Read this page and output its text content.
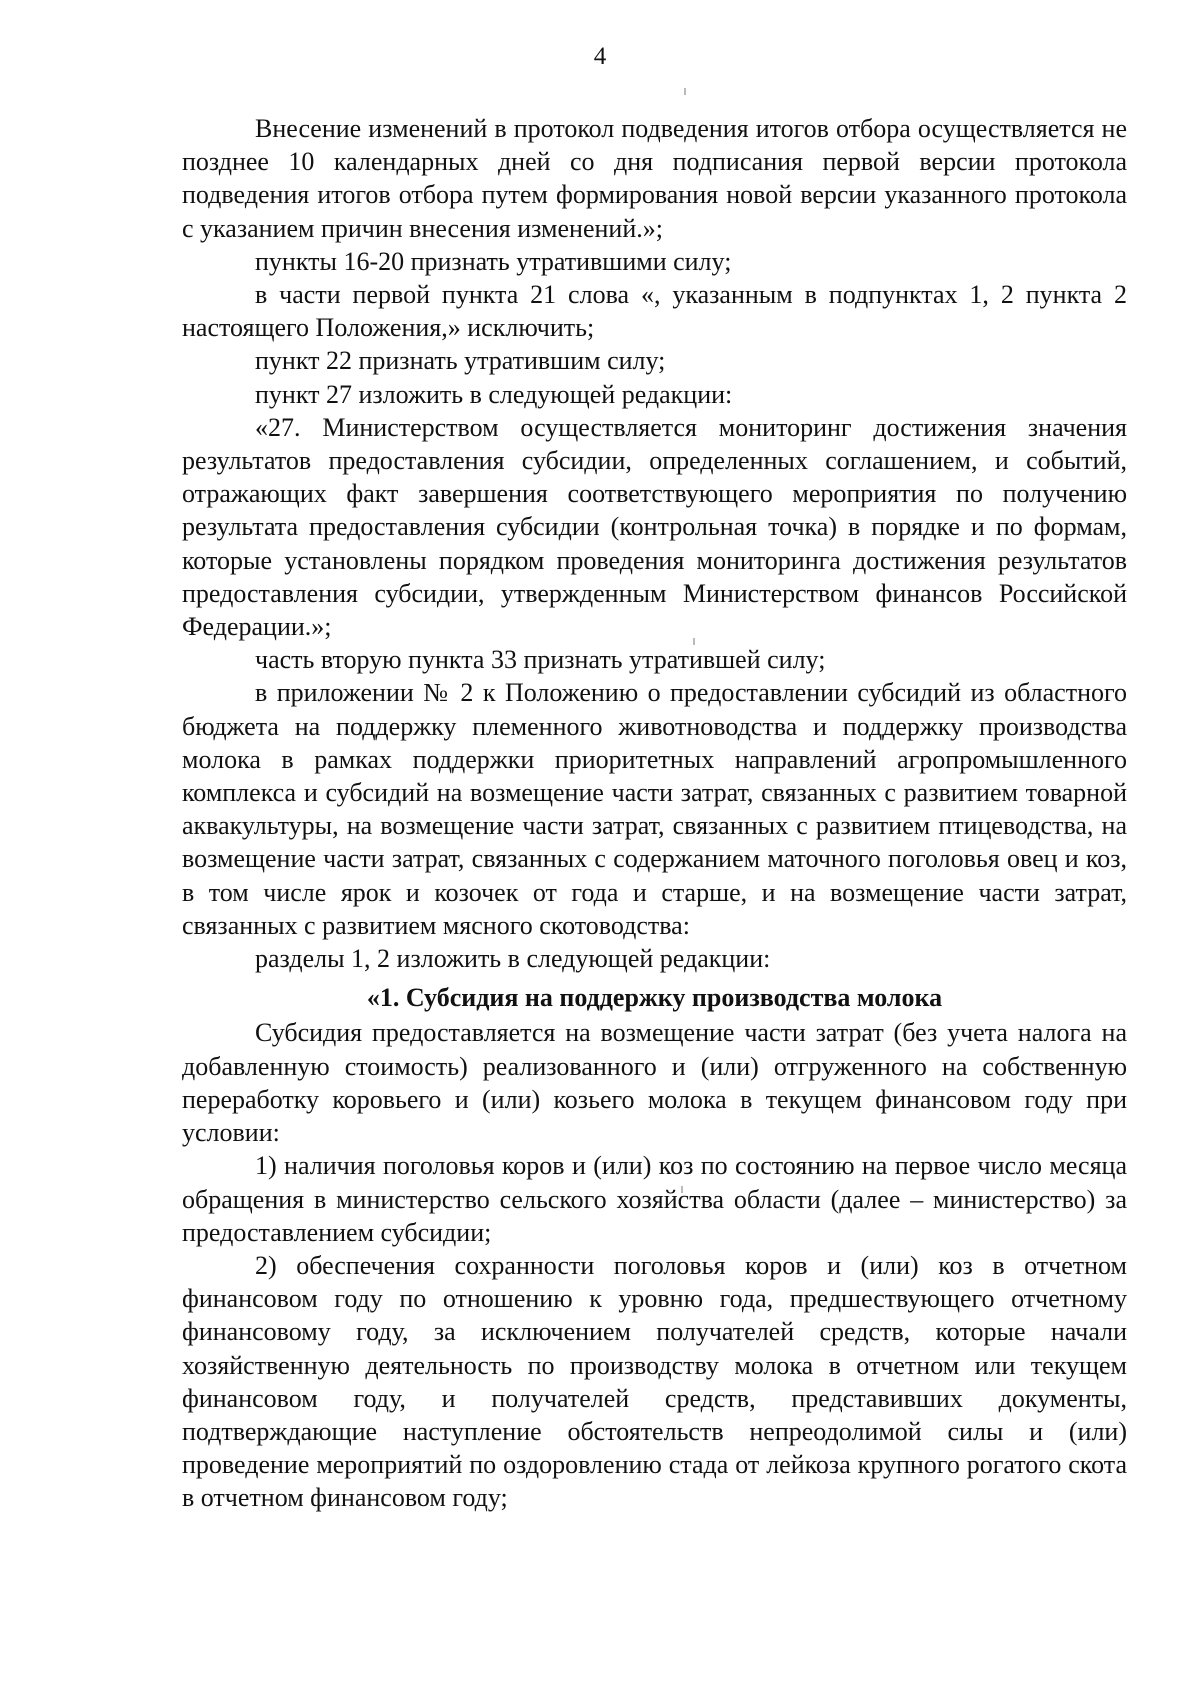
4

Внесение изменений в протокол подведения итогов отбора осуществляется не позднее 10 календарных дней со дня подписания первой версии протокола подведения итогов отбора путем формирования новой версии указанного протокола с указанием причин внесения изменений.»;

пункты 16-20 признать утратившими силу;

в части первой пункта 21 слова «, указанным в подпунктах 1, 2 пункта 2 настоящего Положения,» исключить;

пункт 22 признать утратившим силу;

пункт 27 изложить в следующей редакции:

«27. Министерством осуществляется мониторинг достижения значения результатов предоставления субсидии, определенных соглашением, и событий, отражающих факт завершения соответствующего мероприятия по получению результата предоставления субсидии (контрольная точка) в порядке и по формам, которые установлены порядком проведения мониторинга достижения результатов предоставления субсидии, утвержденным Министерством финансов Российской Федерации.»;

часть вторую пункта 33 признать утратившей силу;

в приложении № 2 к Положению о предоставлении субсидий из областного бюджета на поддержку племенного животноводства и поддержку производства молока в рамках поддержки приоритетных направлений агропромышленного комплекса и субсидий на возмещение части затрат, связанных с развитием товарной аквакультуры, на возмещение части затрат, связанных с развитием птицеводства, на возмещение части затрат, связанных с содержанием маточного поголовья овец и коз, в том числе ярок и козочек от года и старше, и на возмещение части затрат, связанных с развитием мясного скотоводства:

разделы 1, 2 изложить в следующей редакции:

«1. Субсидия на поддержку производства молока

Субсидия предоставляется на возмещение части затрат (без учета налога на добавленную стоимость) реализованного и (или) отгруженного на собственную переработку коровьего и (или) козьего молока в текущем финансовом году при условии:

1) наличия поголовья коров и (или) коз по состоянию на первое число месяца обращения в министерство сельского хозяйства области (далее – министерство) за предоставлением субсидии;

2) обеспечения сохранности поголовья коров и (или) коз в отчетном финансовом году по отношению к уровню года, предшествующего отчетному финансовому году, за исключением получателей средств, которые начали хозяйственную деятельность по производству молока в отчетном или текущем финансовом году, и получателей средств, представивших документы, подтверждающие наступление обстоятельств непреодолимой силы и (или) проведение мероприятий по оздоровлению стада от лейкоза крупного рогатого скота в отчетном финансовом году;
